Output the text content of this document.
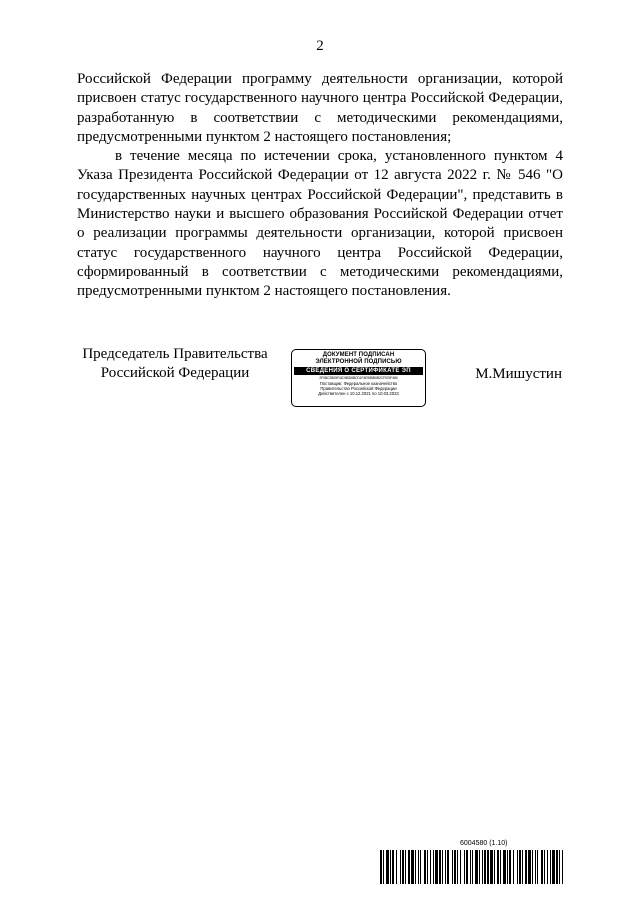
2

Российской Федерации программу деятельности организации, которой присвоен статус государственного научного центра Российской Федерации, разработанную в соответствии с методическими рекомендациями, предусмотренными пунктом 2 настоящего постановления;

в течение месяца по истечении срока, установленного пунктом 4 Указа Президента Российской Федерации от 12 августа 2022 г. № 546 "О государственных научных центрах Российской Федерации", представить в Министерство науки и высшего образования Российской Федерации отчет о реализации программы деятельности организации, которой присвоен статус государственного научного центра Российской Федерации, сформированный в соответствии с методическими рекомендациями, предусмотренными пунктом 2 настоящего постановления.

Председатель Правительства
Российской Федерации
ДОКУМЕНТ ПОДПИСАН
ЭЛЕКТРОННОЙ ПОДПИСЬЮ
СВЕДЕНИЯ О СЕРТИФИКАТЕ ЭП
2F0BC2B05F41D5BD6BCD1F4E985B0B2CF576F480
Поставщик: Федеральное казначейство
Правительство Российской Федерации
Действителен с 10.12.2021 по 10.03.2023
М.Мишустин
6004580 (1.10)
